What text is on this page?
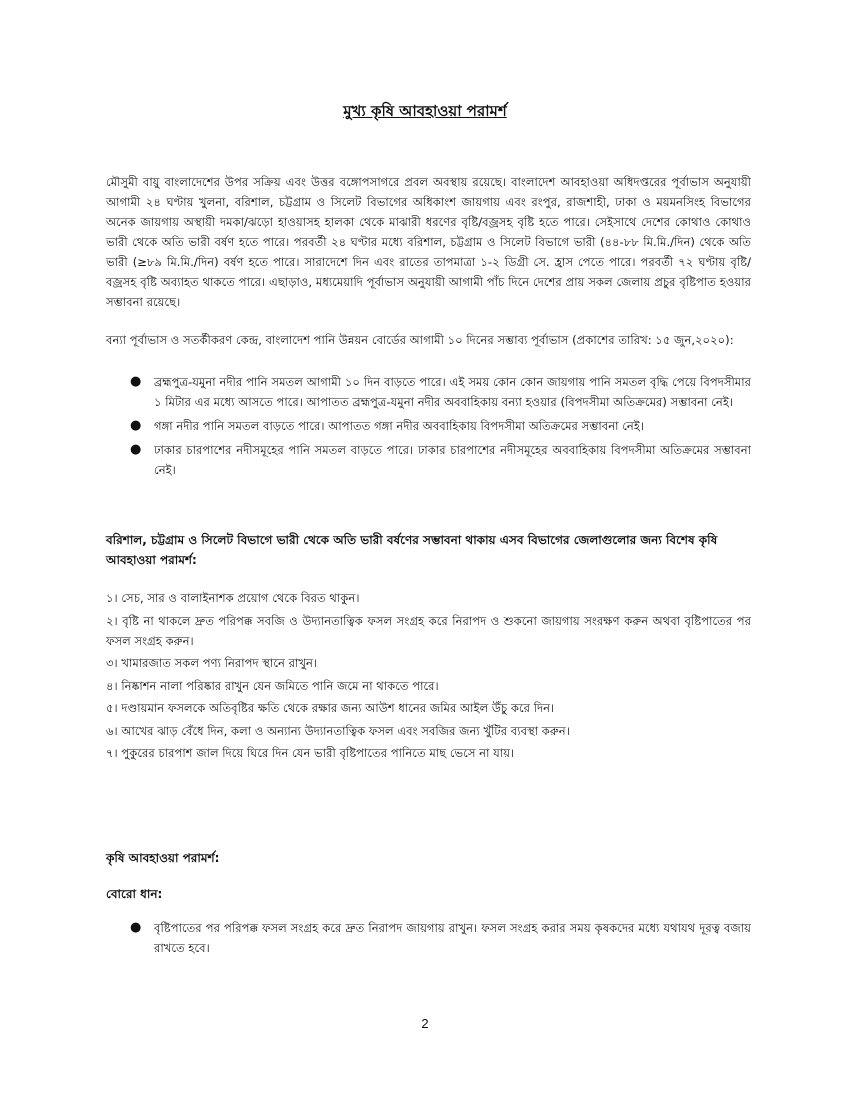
মুখ্য কৃষি আবহাওয়া পরামর্শ

মৌসুমী বায়ু বাংলাদেশের উপর সক্রিয় এবং উত্তর বঙ্গোপসাগরে প্রবল অবস্থায় রয়েছে। বাংলাদেশ আবহাওয়া অধিদপ্তরের পূর্বাভাস অনুযায়ী আগামী ২৪ ঘণ্টায় খুলনা, বরিশাল, চট্টগ্রাম ও সিলেট বিভাগের অধিকাংশ জায়গায় এবং রংপুর, রাজশাহী, ঢাকা ও ময়মনসিংহ বিভাগের অনেক জায়গায় অস্থায়ী দমকা/ঝড়ো হাওয়াসহ হালকা থেকে মাঝারী ধরণের বৃষ্টি/বজ্রসহ বৃষ্টি হতে পারে। সেইসাথে দেশের কোথাও কোথাও ভারী থেকে অতি ভারী বর্ষণ হতে পারে। পরবর্তী ২৪ ঘণ্টার মধ্যে বরিশাল, চট্টগ্রাম ও সিলেট বিভাগে ভারী (৪৪-৮৮ মি.মি./দিন) থেকে অতি ভারী (≥৮৯ মি.মি./দিন) বর্ষণ হতে পারে। সারাদেশে দিন এবং রাতের তাপমাত্রা ১-২ ডিগ্রী সে. হ্রাস পেতে পারে। পরবর্তী ৭২ ঘণ্টায় বৃষ্টি/বজ্রসহ বৃষ্টি অব্যাহত থাকতে পারে। এছাড়াও, মধ্যমেয়াদি পূর্বাভাস অনুযায়ী আগামী পাঁচ দিনে দেশের প্রায় সকল জেলায় প্রচুর বৃষ্টিপাত হওয়ার সম্ভাবনা রয়েছে।

বন্যা পূর্বাভাস ও সতর্কীকরণ কেন্দ্র, বাংলাদেশ পানি উন্নয়ন বোর্ডের আগামী ১০ দিনের সম্ভাব্য পূর্বাভাস (প্রকাশের তারিখ: ১৫ জুন,২০২০):

● ব্রহ্মপুত্র-যমুনা নদীর পানি সমতল আগামী ১০ দিন বাড়তে পারে। এই সময় কোন কোন জায়গায় পানি সমতল বৃদ্ধি পেয়ে বিপদসীমার ১ মিটার এর মধ্যে আসতে পারে। আপাতত ব্রহ্মপুত্র-যমুনা নদীর অববাহিকায় বন্যা হওয়ার (বিপদসীমা অতিক্রমের) সম্ভাবনা নেই।
● গঙ্গা নদীর পানি সমতল বাড়তে পারে। আপাতত গঙ্গা নদীর অববাহিকায় বিপদসীমা অতিক্রমের সম্ভাবনা নেই।
● ঢাকার চারপাশের নদীসমূহের পানি সমতল বাড়তে পারে। ঢাকার চারপাশের নদীসমূহের অববাহিকায় বিপদসীমা অতিক্রমের সম্ভাবনা নেই।

বরিশাল, চট্টগ্রাম ও সিলেট বিভাগে ভারী থেকে অতি ভারী বর্ষণের সম্ভাবনা থাকায় এসব বিভাগের জেলাগুলোর জন্য বিশেষ কৃষি আবহাওয়া পরামর্শ:

১। সেচ, সার ও বালাইনাশক প্রয়োগ থেকে বিরত থাকুন।
২। বৃষ্টি না থাকলে দ্রুত পরিপক্ক সবজি ও উদ্যানতাত্বিক ফসল সংগ্রহ করে নিরাপদ ও শুকনো জায়গায় সংরক্ষণ করুন অথবা বৃষ্টিপাতের পর ফসল সংগ্রহ করুন।
৩। খামারজাত সকল পণ্য নিরাপদ স্থানে রাখুন।
৪। নিষ্কাশন নালা পরিষ্কার রাখুন যেন জমিতে পানি জমে না থাকতে পারে।
৫। দণ্ডায়মান ফসলকে অতিবৃষ্টির ক্ষতি থেকে রক্ষার জন্য আউশ ধানের জমির আইল উঁচু করে দিন।
৬। আখের ঝাড় বেঁধে দিন, কলা ও অন্যান্য উদ্যানতাত্বিক ফসল এবং সবজির জন্য খুঁটির ব্যবস্থা করুন।
৭। পুকুরের চারপাশ জাল দিয়ে ঘিরে দিন যেন ভারী বৃষ্টিপাতের পানিতে মাছ ভেসে না যায়।

কৃষি আবহাওয়া পরামর্শ:

বোরো ধান:

● বৃষ্টিপাতের পর পরিপক্ক ফসল সংগ্রহ করে দ্রুত নিরাপদ জায়গায় রাখুন। ফসল সংগ্রহ করার সময় কৃষকদের মধ্যে যথাযথ দূরত্ব বজায় রাখতে হবে।
2
